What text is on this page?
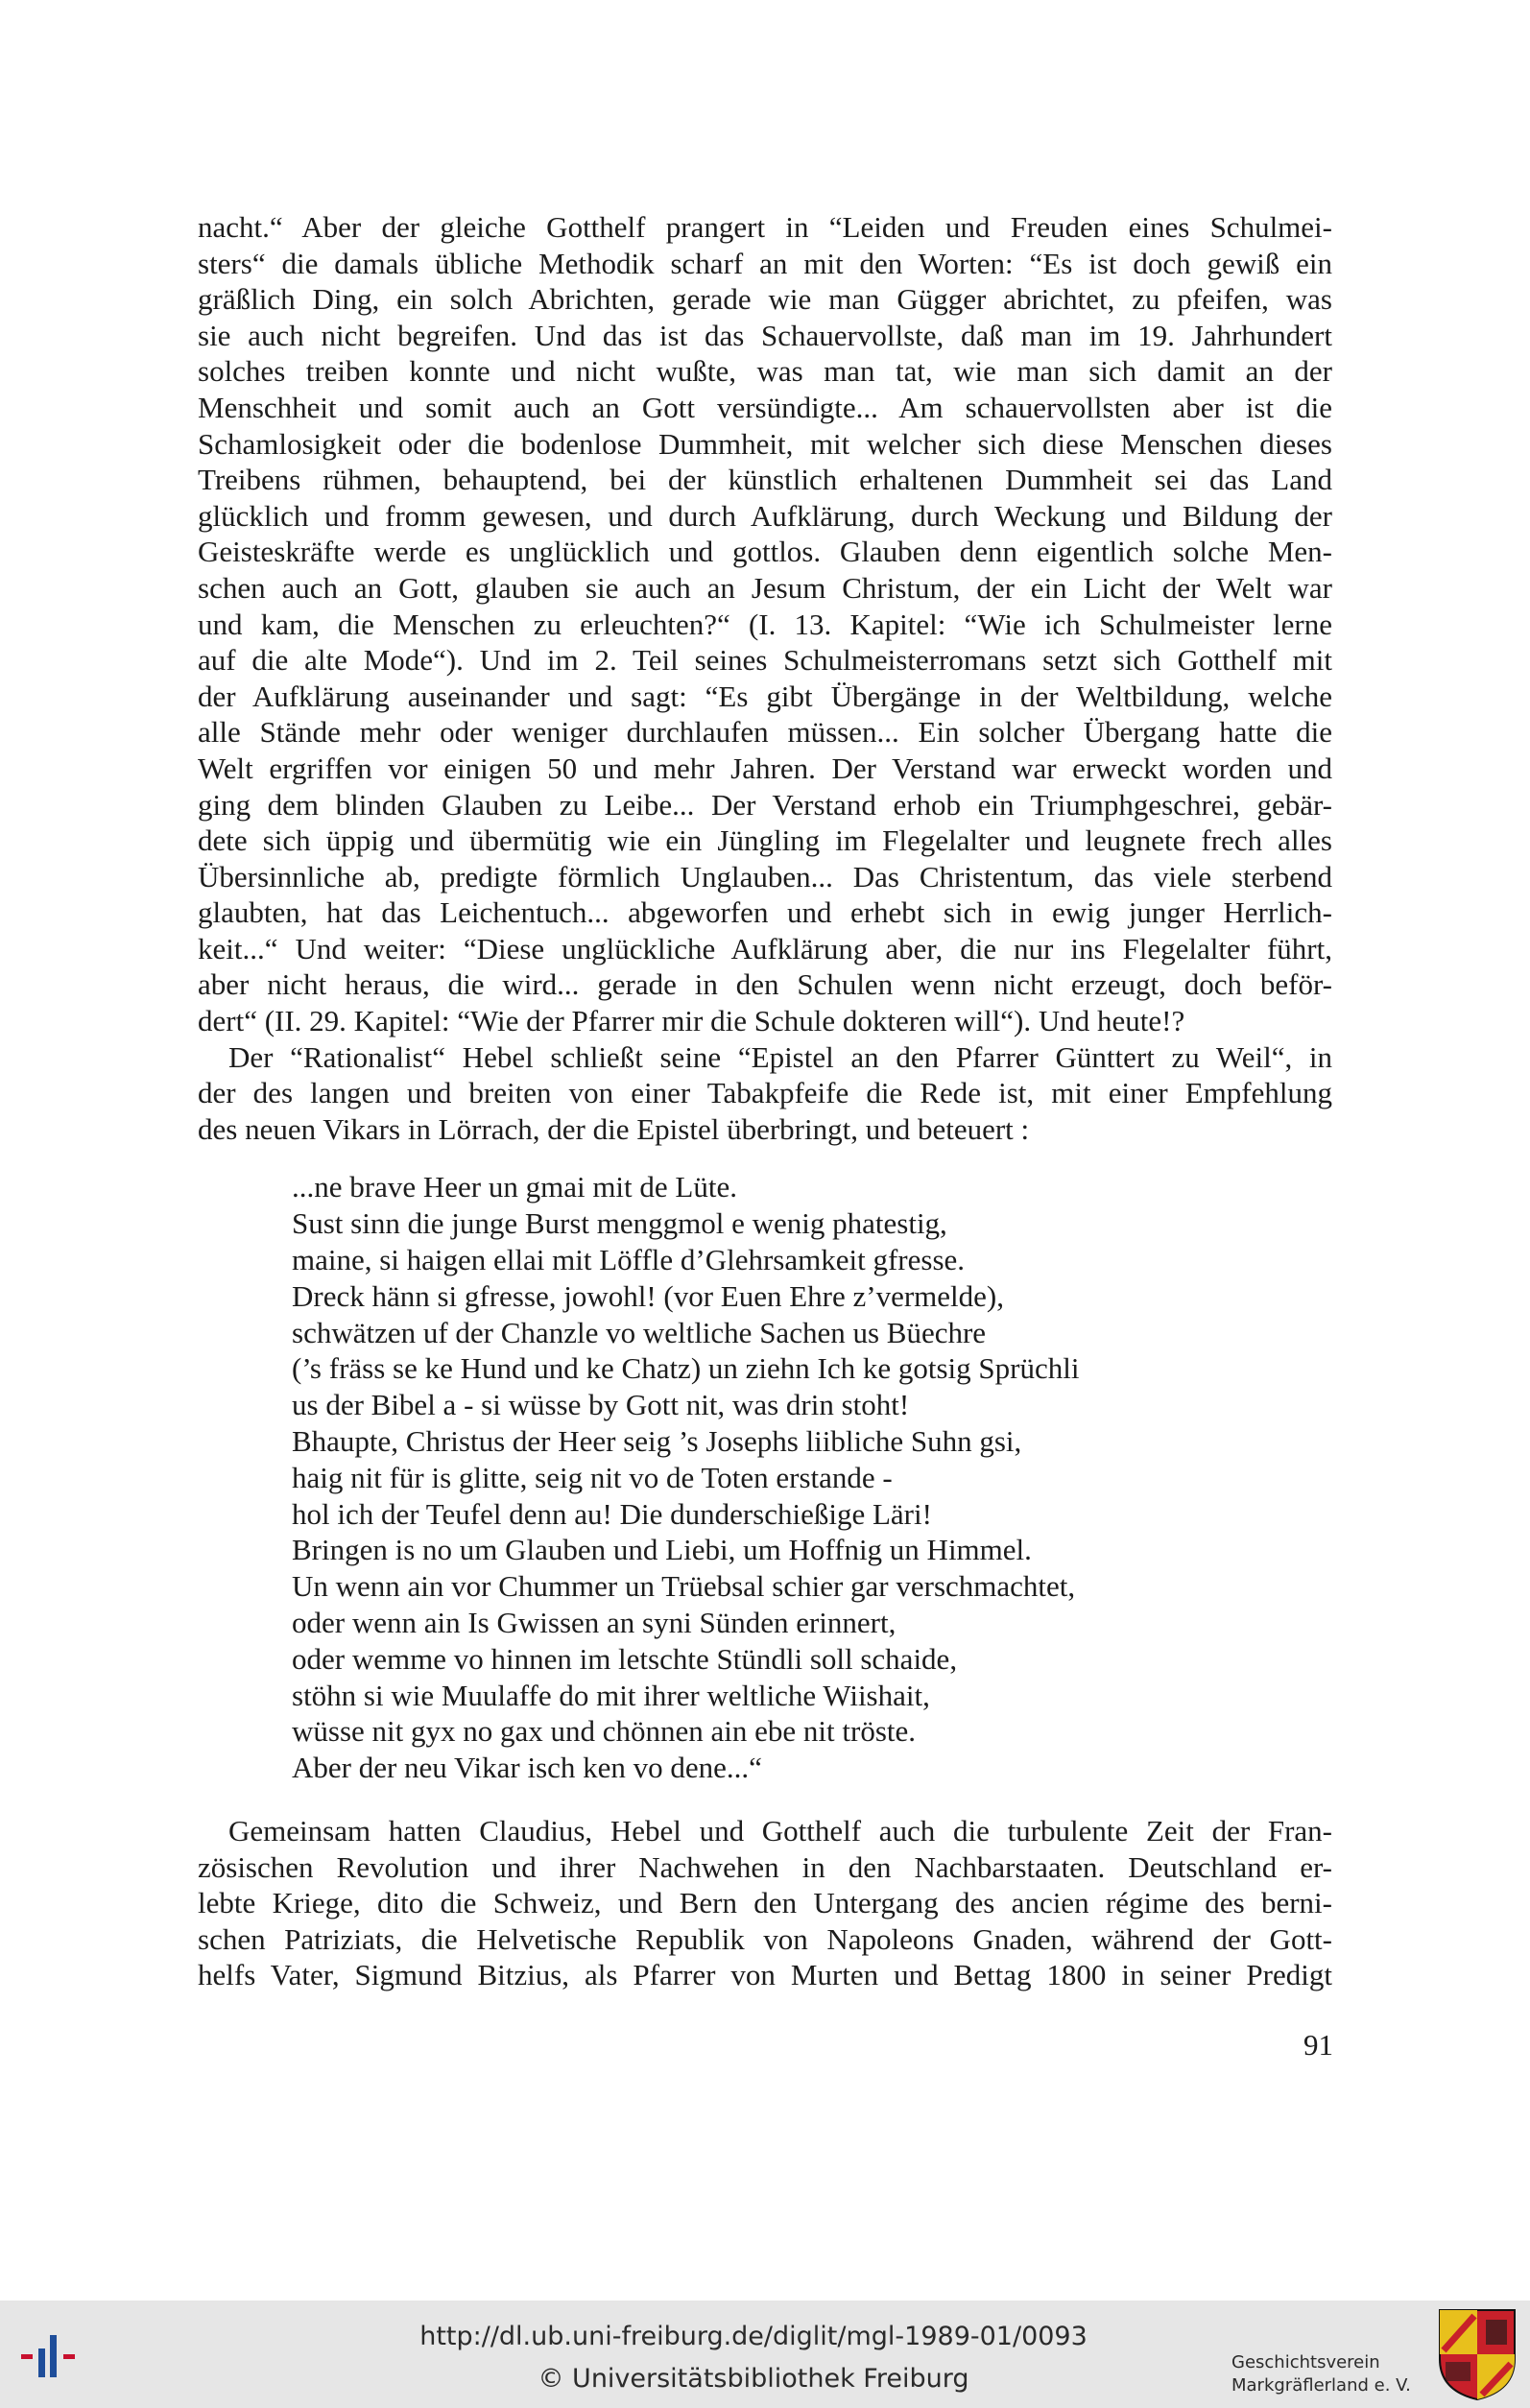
nacht.“ Aber der gleiche Gotthelf prangert in “Leiden und Freuden eines Schulmei-
sters“ die damals übliche Methodik scharf an mit den Worten: “Es ist doch gewiß ein
gräßlich Ding, ein solch Abrichten, gerade wie man Gügger abrichtet, zu pfeifen, was
sie auch nicht begreifen. Und das ist das Schauervollste, daß man im 19. Jahrhundert
solches treiben konnte und nicht wußte, was man tat, wie man sich damit an der
Menschheit und somit auch an Gott versündigte... Am schauervollsten aber ist die
Schamlosigkeit oder die bodenlose Dummheit, mit welcher sich diese Menschen dieses
Treibens rühmen, behauptend, bei der künstlich erhaltenen Dummheit sei das Land
glücklich und fromm gewesen, und durch Aufklärung, durch Weckung und Bildung der
Geisteskräfte werde es unglücklich und gottlos. Glauben denn eigentlich solche Men-
schen auch an Gott, glauben sie auch an Jesum Christum, der ein Licht der Welt war
und kam, die Menschen zu erleuchten?“ (I. 13. Kapitel: “Wie ich Schulmeister lerne
auf die alte Mode“). Und im 2. Teil seines Schulmeisterromans setzt sich Gotthelf mit
der Aufklärung auseinander und sagt: “Es gibt Übergänge in der Weltbildung, welche
alle Stände mehr oder weniger durchlaufen müssen... Ein solcher Übergang hatte die
Welt ergriffen vor einigen 50 und mehr Jahren. Der Verstand war erweckt worden und
ging dem blinden Glauben zu Leibe... Der Verstand erhob ein Triumphgeschrei, gebär-
dete sich üppig und übermütig wie ein Jüngling im Flegelalter und leugnete frech alles
Übersinnliche ab, predigte förmlich Unglauben... Das Christentum, das viele sterbend
glaubten, hat das Leichentuch... abgeworfen und erhebt sich in ewig junger Herrlich-
keit...“ Und weiter: “Diese unglückliche Aufklärung aber, die nur ins Flegelalter führt,
aber nicht heraus, die wird... gerade in den Schulen wenn nicht erzeugt, doch beför-
dert“ (II. 29. Kapitel: “Wie der Pfarrer mir die Schule dokteren will“). Und heute!?

Der “Rationalist“ Hebel schließt seine “Epistel an den Pfarrer Günttert zu Weil“, in
der des langen und breiten von einer Tabakpfeife die Rede ist, mit einer Empfehlung
des neuen Vikars in Lörrach, der die Epistel überbringt, und beteuert :

...ne brave Heer un gmai mit de Lüte.
Sust sinn die junge Burst menggmol e wenig phatestig,
maine, si haigen ellai mit Löffle d’Glehrsamkeit gfresse.
Dreck hänn si gfresse, jowohl! (vor Euen Ehre z’vermelde),
schwätzen uf der Chanzle vo weltliche Sachen us Büechre
(’s fräss se ke Hund und ke Chatz) un ziehn Ich ke gotsig Sprüchli
us der Bibel a - si wüsse by Gott nit, was drin stoht!
Bhaupte, Christus der Heer seig ’s Josephs liibliche Suhn gsi,
haig nit für is glitte, seig nit vo de Toten erstande -
hol ich der Teufel denn au! Die dunderschießige Läri!
Bringen is no um Glauben und Liebi, um Hoffnig un Himmel.
Un wenn ain vor Chummer un Trüebsal schier gar verschmachtet,
oder wenn ain Is Gwissen an syni Sünden erinnert,
oder wemme vo hinnen im letschte Stündli soll schaide,
stöhn si wie Muulaffe do mit ihrer weltliche Wiishait,
wüsse nit gyx no gax und chönnen ain ebe nit tröste.
Aber der neu Vikar isch ken vo dene...“

Gemeinsam hatten Claudius, Hebel und Gotthelf auch die turbulente Zeit der Fran-
zösischen Revolution und ihrer Nachwehen in den Nachbarstaaten. Deutschland er-
lebte Kriege, dito die Schweiz, und Bern den Untergang des ancien régime des berni-
schen Patriziats, die Helvetische Republik von Napoleons Gnaden, während der Gott-
helfs Vater, Sigmund Bitzius, als Pfarrer von Murten und Bettag 1800 in seiner Predigt

91
http://dl.ub.uni-freiburg.de/diglit/mgl-1989-01/0093
© Universitätsbibliothek Freiburg
Geschichtsverein
Markgräflerland e. V.
